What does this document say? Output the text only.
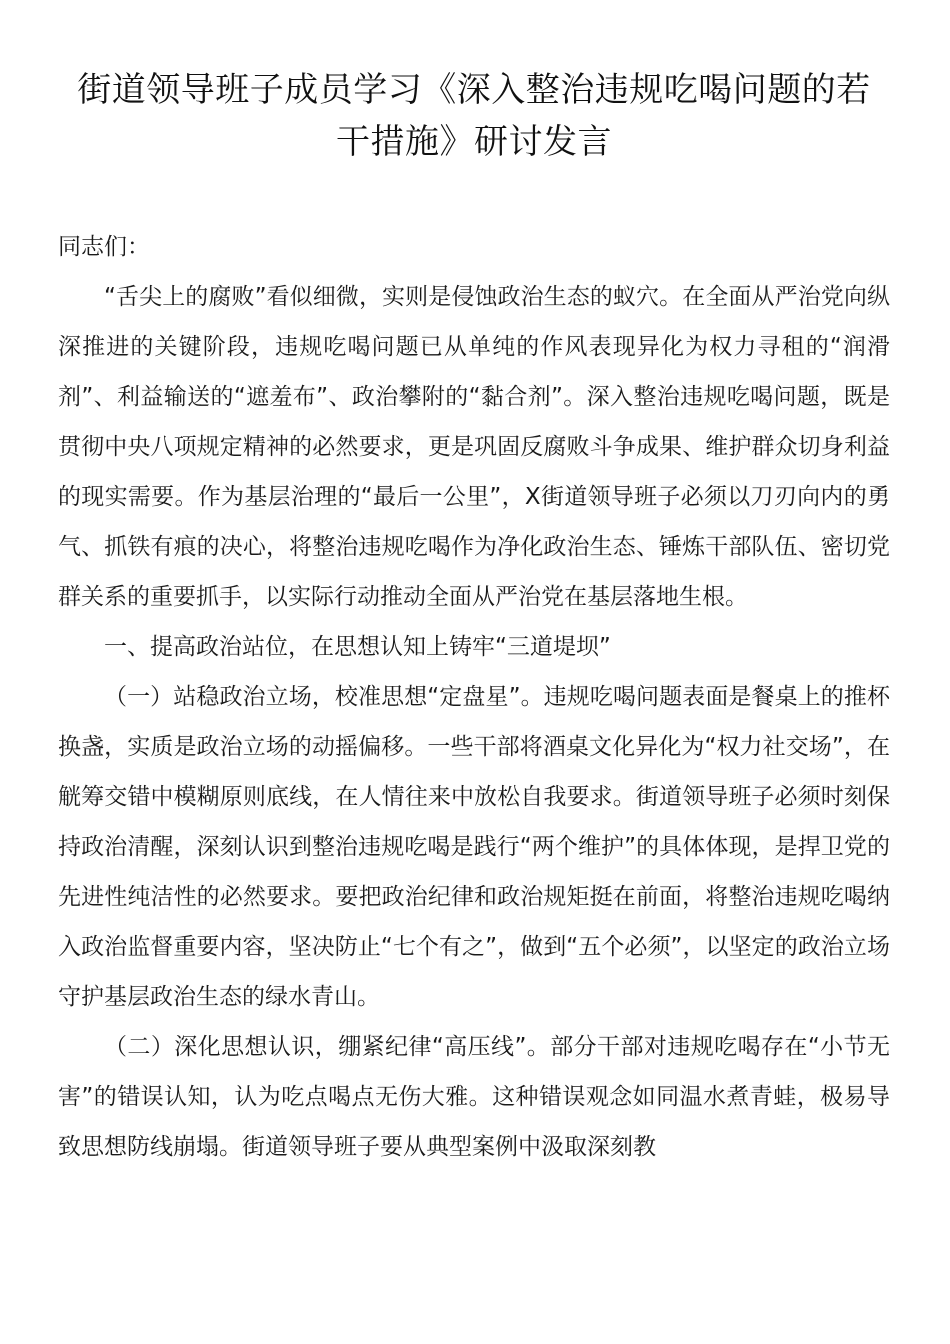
街道领导班子成员学习《深入整治违规吃喝问题的若
干措施》研讨发言

同志们：

“舌尖上的腐败”看似细微，实则是侵蚀政治生态的蚁穴。在全面从严治党向纵深推进的关键阶段，违规吃喝问题已从单纯的作风表现异化为权力寻租的“润滑剂”、利益输送的“遮羞布”、政治攀附的“黏合剂”。深入整治违规吃喝问题，既是贯彻中央八项规定精神的必然要求，更是巩固反腐败斗争成果、维护群众切身利益的现实需要。作为基层治理的“最后一公里”，X街道领导班子必须以刀刃向内的勇气、抓铁有痕的决心，将整治违规吃喝作为净化政治生态、锤炼干部队伍、密切党群关系的重要抓手，以实际行动推动全面从严治党在基层落地生根。

一、提高政治站位，在思想认知上铸牢“三道堤坝”

（一）站稳政治立场，校准思想“定盘星”。违规吃喝问题表面是餐桌上的推杯换盏，实质是政治立场的动摇偏移。一些干部将酒桌文化异化为“权力社交场”，在觥筹交错中模糊原则底线，在人情往来中放松自我要求。街道领导班子必须时刻保持政治清醒，深刻认识到整治违规吃喝是践行“两个维护”的具体体现，是捍卫党的先进性纯洁性的必然要求。要把政治纪律和政治规矩挺在前面，将整治违规吃喝纳入政治监督重要内容，坚决防止“七个有之”，做到“五个必须”，以坚定的政治立场守护基层政治生态的绿水青山。

（二）深化思想认识，绷紧纪律“高压线”。部分干部对违规吃喝存在“小节无害”的错误认知，认为吃点喝点无伤大雅。这种错误观念如同温水煮青蛙，极易导致思想防线崩塌。街道领导班子要从典型案例中汲取深刻教
